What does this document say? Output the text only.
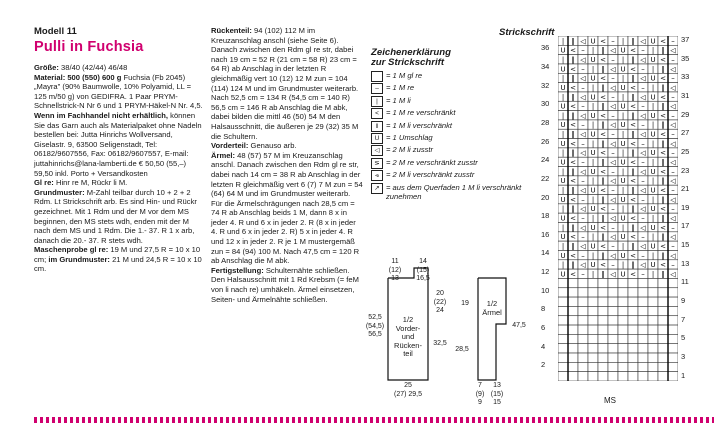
Modell 11
Pulli in Fuchsia
Größe: 38/40 (42/44) 46/48
Material: 500 (550) 600 g Fuchsia (Fb 2045) „Mayra" (90% Baumwolle, 10% Polyamid, LL = 125 m/50 g) von GEDIFRA. 1 Paar PRYM-Schnellstrick-N Nr 6 und 1 PRYM-Häkel-N Nr. 4,5.
Wenn im Fachhandel nicht erhältlich, können Sie das Garn auch als Materialpaket ohne Nadeln bestellen bei: Jutta Hinrichs Wollversand, Giselastr. 9, 63500 Seligenstadt, Tel: 06182/9607556, Fax: 06182/9607557, E-mail: juttahinrichs@lana-lamberti.de € 50,50 (55,–) 59,50 inkl. Porto + Versandkosten
Gl re: Hinr re M, Rückr li M.
Grundmuster: M-Zahl teilbar durch 10 + 2 + 2 Rdm. Lt Strickschrift arb. Es sind Hin- und Rückr gezeichnet. Mit 1 Rdm und der M vor dem MS beginnen, den MS stets wdh, enden mit der M nach dem MS und 1 Rdm. Die 1.- 37. R 1 x arb, danach die 20.- 37. R stets wdh.
Maschenprobe gl re: 19 M und 27,5 R = 10 x 10 cm; im Grundmuster: 21 M und 24,5 R = 10 x 10 cm.

Rückenteil: 94 (102) 112 M im Kreuzanschlag anschl (siehe Seite 6). Danach zwischen den Rdm gl re str, dabei nach 19 cm = 52 R (21 cm = 58 R) 23 cm = 64 R) ab Anschlag in der letzten R gleichmäßig vert 10 (12) 12 M zun = 104 (114) 124 M und im Grundmuster weiterarb. Nach 52,5 cm = 134 R (54,5 cm = 140 R) 56,5 cm = 146 R ab Anschlag die M abk, dabei bilden die mittl 46 (50) 54 M den Halsausschnitt, die äußeren je 29 (32) 35 M die Schultern.
Vorderteil: Genauso arb.
Ärmel: 48 (57) 57 M im Kreuzanschlag anschl. Danach zwischen den Rdm gl re str, dabei nach 14 cm = 38 R ab Anschlag in der letzten R gleichmäßig vert 6 (7) 7 M zun = 54 (64) 64 M und im Grundmuster weiterarb. Für die Ärmelschrägungen nach 28,5 cm = 74 R ab Anschlag beids 1 M, dann 8 x in jeder 4. R und 6 x in jeder 2. R (8 x in jeder 4. R und 6 x in jeder 2. R) 5 x in jeder 4. R und 12 x in jeder 2. R je 1 M mustergemäß zun = 84 (94) 100 M. Nach 47,5 cm = 120 R ab Anschlag die M abk.
Fertigstellung: Schulternähte schließen. Den Halsausschnitt mit 1 Rd Krebsm (= feM von li nach re) umhäkeln. Ärmel einsetzen, Seiten- und Ärmelnähte schließen.

Strickschrift
Zeichenerklärung
zur Strickschrift
= 1 M gl re
– = 1 M re
|	= 1 M li
< = 1 M re verschränkt
‖	= 1 M li verschränkt
U = 1 Umschlag
◁ = 2 M li zusstr
⋝ = 2 M re verschränkt zusstr
⩹ = 2 M li verschränkt zusstr
↗ = aus dem Querfaden 1 M li verschränkt zunehmen
11
(12)
13
14
(15)
16,5
52,5
(54,5)
56,5
20
(22)
24
32,5
1/2
Vorder-
und
Rücken-
teil
25
(27) 29,5
19
28,5
47,5
1/2
Ärmel
7
(9)
9
13
(15)
15
| ‖ ◁ U < – | ‖ ◁ U < –
U < – | ‖ ◁ U < – | ‖ ◁
| ‖ ◁ U < – | ‖ ◁ U < –
U < – | ‖ ◁ U < – | ‖ ◁
| ‖ ◁ U < – | ‖ ◁ U < –
U < – | ‖ ◁ U < – | ‖ ◁
| ‖ ◁ U < – | ‖ ◁ U < –
U < – | ‖ ◁ U < – | ‖ ◁
| ‖ ◁ U < – | ‖ ◁ U < –
U < – | ‖ ◁ U < – | ‖ ◁
| ‖ ◁ U < – | ‖ ◁ U < –
U < – | ‖ ◁ U < – | ‖ ◁
| ‖ ◁ U < – | ‖ ◁ U < –
U < – | ‖ ◁ U < – | ‖ ◁
| ‖ ◁ U < – | ‖ ◁ U < –
U < – | ‖ ◁ U < – | ‖ ◁
| ‖ ◁ U < – | ‖ ◁ U < –
U < – | ‖ ◁ U < – | ‖ ◁
| ‖ ◁ U < – | ‖ ◁ U < –
U < – | ‖ ◁ U < – | ‖ ◁
| ‖ ◁ U < – | ‖ ◁ U < –
U < – | ‖ ◁ U < – | ‖ ◁
| ‖ ◁ U < – | ‖ ◁ U < –
U < – | ‖ ◁ U < – | ‖ ◁
| ‖ ◁ U < – | ‖ ◁ U < –
U < – | ‖ ◁ U < – | ‖ ◁
36
34
32
30
28
26
24
22
20
18
16
14
12
10
8
6
4
2
37
35
33
31
29
27
25
23
21
19
17
15
13
11
9
7
5
3
1
MS
